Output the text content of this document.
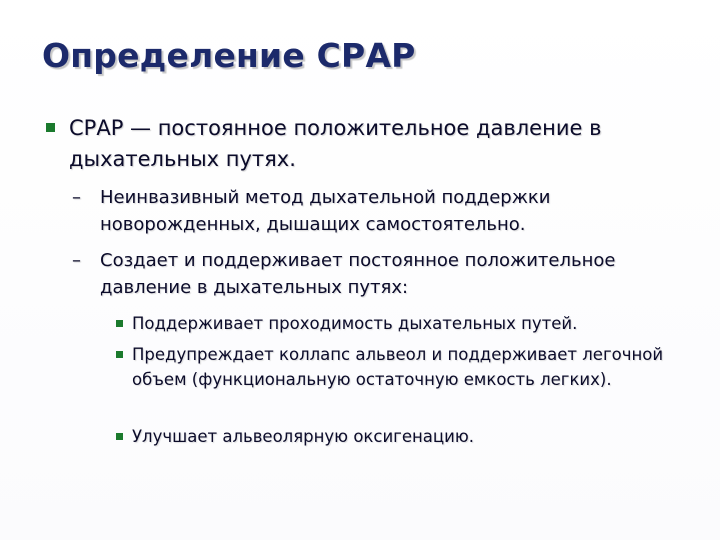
Определение СРАР
СРАР — постоянное положительное давление в дыхательных путях.
–	Неинвазивный метод дыхательной поддержки новорожденных, дышащих самостоятельно.
–	Создает и поддерживает постоянное положительное давление в дыхательных путях:
Поддерживает проходимость дыхательных путей.
Предупреждает коллапс альвеол и поддерживает легочной объем (функциональную остаточную емкость легких).
Улучшает альвеолярную оксигенацию.
